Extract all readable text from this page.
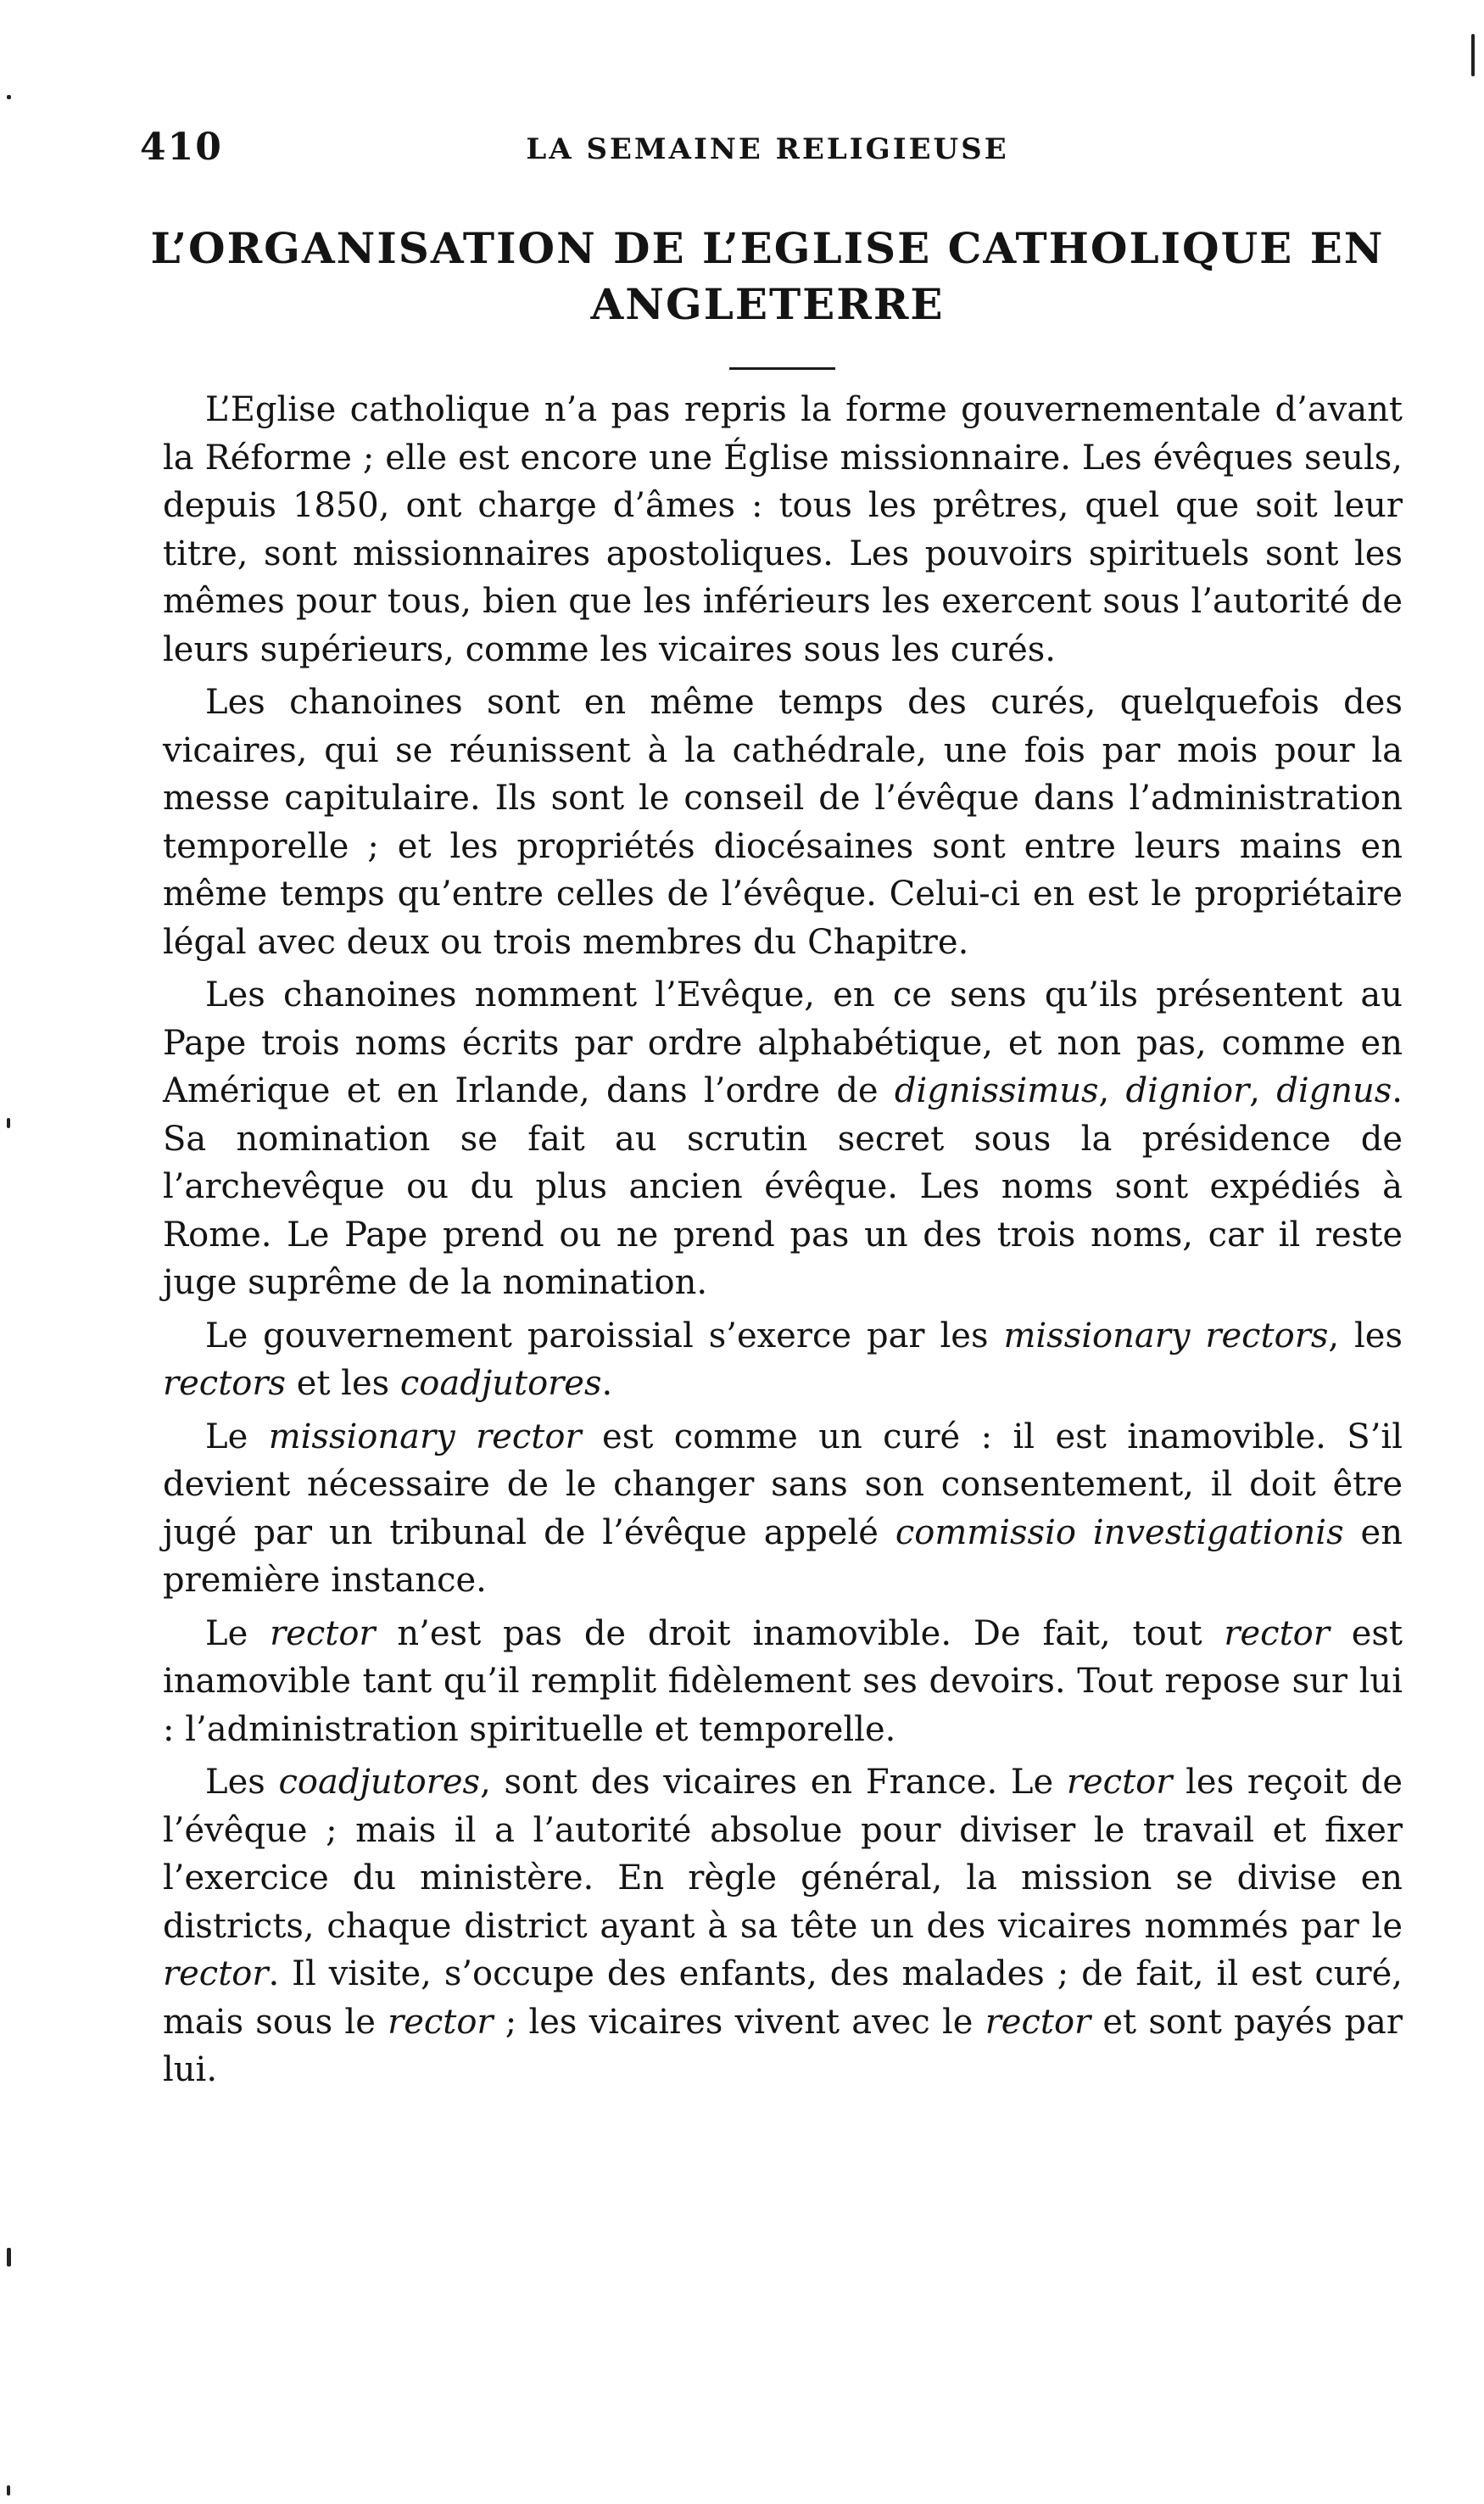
410	LA SEMAINE RELIGIEUSE
L’ORGANISATION DE L’EGLISE CATHOLIQUE EN
ANGLETERRE

L’Eglise catholique n’a pas repris la forme gouvernementale d’avant la Réforme ; elle est encore une Église missionnaire. Les évêques seuls, depuis 1850, ont charge d’âmes : tous les prêtres, quel que soit leur titre, sont missionnaires apostoliques. Les pouvoirs spirituels sont les mêmes pour tous, bien que les inférieurs les exercent sous l’autorité de leurs supérieurs, comme les vicaires sous les curés.

Les chanoines sont en même temps des curés, quelquefois des vicaires, qui se réunissent à la cathédrale, une fois par mois pour la messe capitulaire. Ils sont le conseil de l’évêque dans l’administration temporelle ; et les propriétés diocésaines sont entre leurs mains en même temps qu’entre celles de l’évêque. Celui-ci en est le propriétaire légal avec deux ou trois membres du Chapitre.

Les chanoines nomment l’Evêque, en ce sens qu’ils présentent au Pape trois noms écrits par ordre alphabétique, et non pas, comme en Amérique et en Irlande, dans l’ordre de dignissimus, dignior, dignus. Sa nomination se fait au scrutin secret sous la présidence de l’archevêque ou du plus ancien évêque. Les noms sont expédiés à Rome. Le Pape prend ou ne prend pas un des trois noms, car il reste juge suprême de la nomination.

Le gouvernement paroissial s’exerce par les missionary rectors, les rectors et les coadjutores.

Le missionary rector est comme un curé : il est inamovible. S’il devient nécessaire de le changer sans son consentement, il doit être jugé par un tribunal de l’évêque appelé commissio investigationis en première instance.

Le rector n’est pas de droit inamovible. De fait, tout rector est inamovible tant qu’il remplit fidèlement ses devoirs. Tout repose sur lui : l’administration spirituelle et temporelle.

Les coadjutores, sont des vicaires en France. Le rector les reçoit de l’évêque ; mais il a l’autorité absolue pour diviser le travail et fixer l’exercice du ministère. En règle général, la mission se divise en districts, chaque district ayant à sa tête un des vicaires nommés par le rector. Il visite, s’occupe des enfants, des malades ; de fait, il est curé, mais sous le rector ; les vicaires vivent avec le rector et sont payés par lui.
